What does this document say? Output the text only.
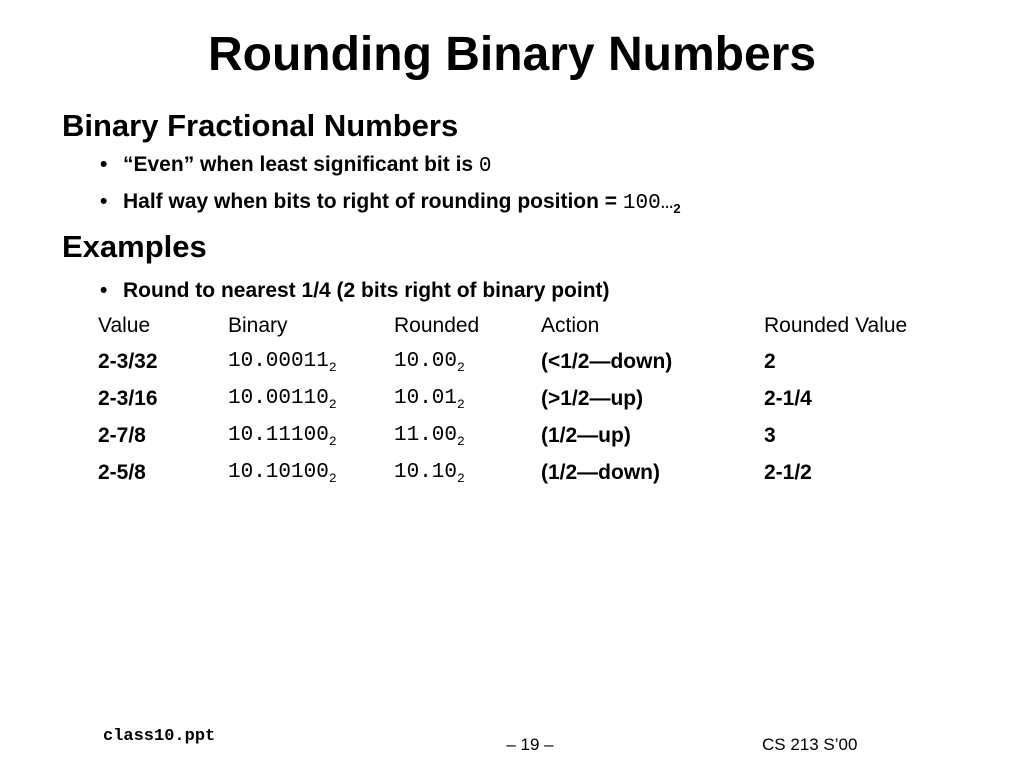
Rounding Binary Numbers
Binary Fractional Numbers
• “Even” when least significant bit is 0
• Half way when bits to right of rounding position = $100\dots_2$
Examples
• Round to nearest 1/4 (2 bits right of binary point)
Value	Binary	Rounded	Action	Rounded Value
2-3/32	$10.00011_2$	$10.00_2$	(<1/2—down)	2
2-3/16	$10.00110_2$	$10.01_2$	(>1/2—up)	2-1/4
2-7/8	$10.11100_2$	$11.00_2$	(1/2—up)	3
2-5/8	$10.10100_2$	$10.10_2$	(1/2—down)	2-1/2
class10.ppt	– 19 –	CS 213 S’00
